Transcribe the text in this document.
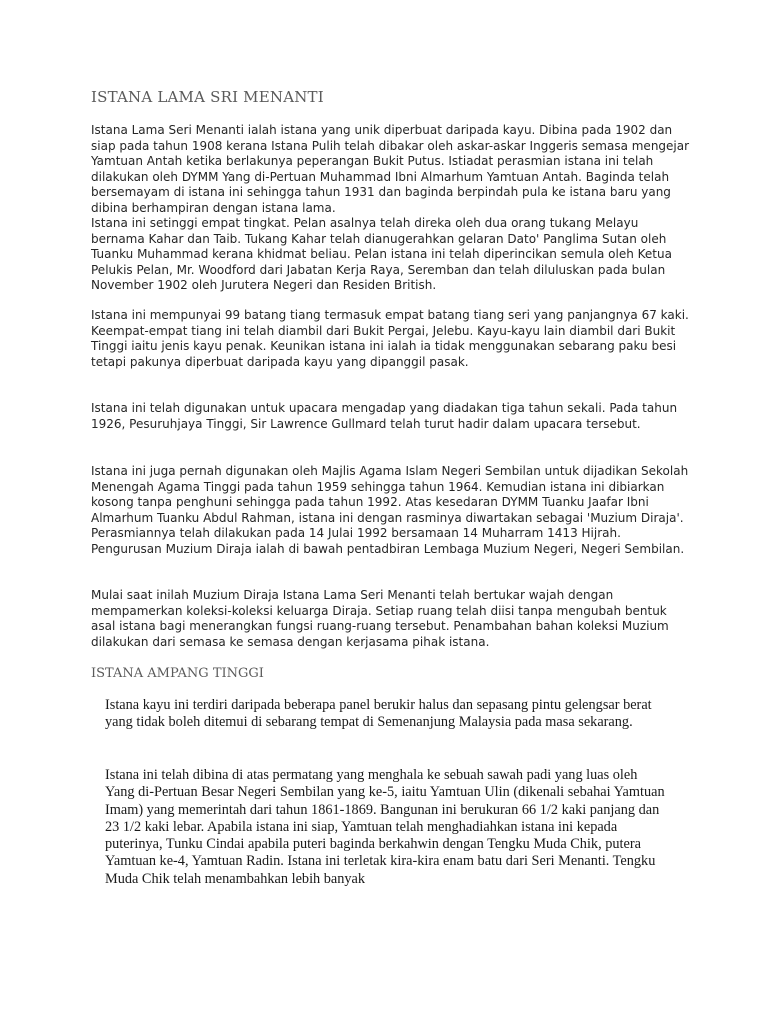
ISTANA LAMA SRI MENANTI

Istana Lama Seri Menanti ialah istana yang unik diperbuat daripada kayu. Dibina pada 1902 dan siap pada tahun 1908 kerana Istana Pulih telah dibakar oleh askar-askar Inggeris semasa mengejar Yamtuan Antah ketika berlakunya peperangan Bukit Putus. Istiadat perasmian istana ini telah dilakukan oleh DYMM Yang di-Pertuan Muhammad Ibni Almarhum Yamtuan Antah. Baginda telah bersemayam di istana ini sehingga tahun 1931 dan baginda berpindah pula ke istana baru yang dibina berhampiran dengan istana lama.

Istana ini setinggi empat tingkat. Pelan asalnya telah direka oleh dua orang tukang Melayu bernama Kahar dan Taib. Tukang Kahar telah dianugerahkan gelaran Dato' Panglima Sutan oleh Tuanku Muhammad kerana khidmat beliau. Pelan istana ini telah diperincikan semula oleh Ketua Pelukis Pelan, Mr. Woodford dari Jabatan Kerja Raya, Seremban dan telah diluluskan pada bulan November 1902 oleh Jurutera Negeri dan Residen British.

Istana ini mempunyai 99 batang tiang termasuk empat batang tiang seri yang panjangnya 67 kaki. Keempat-empat tiang ini telah diambil dari Bukit Pergai, Jelebu. Kayu-kayu lain diambil dari Bukit Tinggi iaitu jenis kayu penak. Keunikan istana ini ialah ia tidak menggunakan sebarang paku besi tetapi pakunya diperbuat daripada kayu yang dipanggil pasak.

Istana ini telah digunakan untuk upacara mengadap yang diadakan tiga tahun sekali. Pada tahun 1926, Pesuruhjaya Tinggi, Sir Lawrence Gullmard telah turut hadir dalam upacara tersebut.

Istana ini juga pernah digunakan oleh Majlis Agama Islam Negeri Sembilan untuk dijadikan Sekolah Menengah Agama Tinggi pada tahun 1959 sehingga tahun 1964. Kemudian istana ini dibiarkan kosong tanpa penghuni sehingga pada tahun 1992. Atas kesedaran DYMM Tuanku Jaafar Ibni Almarhum Tuanku Abdul Rahman, istana ini dengan rasminya diwartakan sebagai 'Muzium Diraja'. Perasmiannya telah dilakukan pada 14 Julai 1992 bersamaan 14 Muharram 1413 Hijrah. Pengurusan Muzium Diraja ialah di bawah pentadbiran Lembaga Muzium Negeri, Negeri Sembilan.

Mulai saat inilah Muzium Diraja Istana Lama Seri Menanti telah bertukar wajah dengan mempamerkan koleksi-koleksi keluarga Diraja. Setiap ruang telah diisi tanpa mengubah bentuk asal istana bagi menerangkan fungsi ruang-ruang tersebut. Penambahan bahan koleksi Muzium dilakukan dari semasa ke semasa dengan kerjasama pihak istana.

ISTANA AMPANG TINGGI

Istana kayu ini terdiri daripada beberapa panel berukir halus dan sepasang pintu gelengsar berat yang tidak boleh ditemui di sebarang tempat di Semenanjung Malaysia pada masa sekarang.

Istana ini telah dibina di atas permatang yang menghala ke sebuah sawah padi yang luas oleh Yang di-Pertuan Besar Negeri Sembilan yang ke-5, iaitu Yamtuan Ulin (dikenali sebahai Yamtuan Imam) yang memerintah dari tahun 1861-1869. Bangunan ini berukuran 66 1/2 kaki panjang dan 23 1/2 kaki lebar. Apabila istana ini siap, Yamtuan telah menghadiahkan istana ini kepada puterinya, Tunku Cindai apabila puteri baginda berkahwin dengan Tengku Muda Chik, putera Yamtuan ke-4, Yamtuan Radin. Istana ini terletak kira-kira enam batu dari Seri Menanti. Tengku Muda Chik telah menambahkan lebih banyak
